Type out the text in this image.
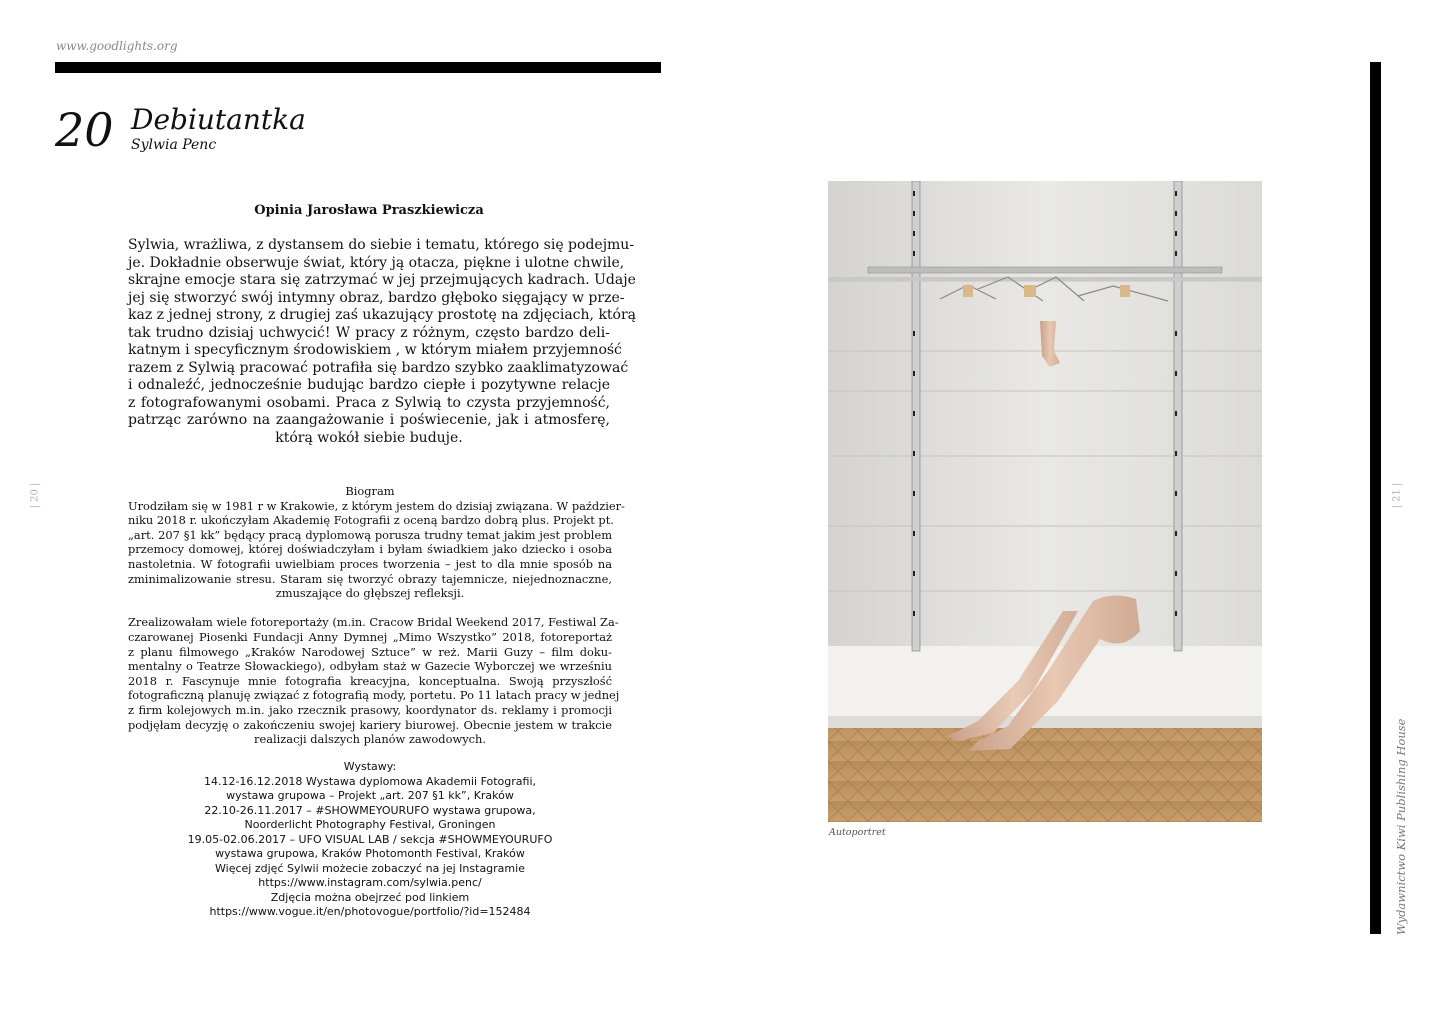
www.goodlights.org
20 Debiutantka
Sylwia Penc
Opinia Jarosława Praszkiewicza

Sylwia, wrażliwa, z dystansem do siebie i tematu, którego się podejmu-

je. Dokładnie obserwuje świat, który ją otacza, piękne i ulotne chwile,

skrajne emocje stara się zatrzymać w jej przejmujących kadrach. Udaje

jej się stworzyć swój intymny obraz, bardzo głęboko sięgający w prze-

kaz z jednej strony, z drugiej zaś ukazujący prostotę na zdjęciach, którą

tak trudno dzisiaj uchwycić! W pracy z różnym, często bardzo deli-

katnym i specyficznym środowiskiem , w którym miałem przyjemność

razem z Sylwią pracować potrafiła się bardzo szybko zaaklimatyzować

i odnaleźć, jednocześnie budując bardzo ciepłe i pozytywne relacje

z fotografowanymi osobami. Praca z Sylwią to czysta przyjemność,

patrząc zarówno na zaangażowanie i poświecenie, jak i atmosferę,

którą wokół siebie buduje.

Biogram

Urodziłam się w 1981 r w Krakowie, z którym jestem do dzisiaj związana. W paździer-

niku 2018 r. ukończyłam Akademię Fotografii z oceną bardzo dobrą plus. Projekt pt.

„art. 207 §1 kk” będący pracą dyplomową porusza trudny temat jakim jest problem

przemocy domowej, której doświadczyłam i byłam świadkiem jako dziecko i osoba

nastoletnia. W fotografii uwielbiam proces tworzenia – jest to dla mnie sposób na

zminimalizowanie stresu. Staram się tworzyć obrazy tajemnicze, niejednoznaczne,

zmuszające do głębszej refleksji.

Zrealizowałam wiele fotoreportaży (m.in. Cracow Bridal Weekend 2017, Festiwal Za-

czarowanej Piosenki Fundacji Anny Dymnej „Mimo Wszystko” 2018, fotoreportaż

z planu filmowego „Kraków Narodowej Sztuce” w reż. Marii Guzy – film doku-

mentalny o Teatrze Słowackiego), odbyłam staż w Gazecie Wyborczej we wrześniu

2018 r. Fascynuje mnie fotografia kreacyjna, konceptualna. Swoją przyszłość

fotograficzną planuję związać z fotografią mody, portetu. Po 11 latach pracy w jednej

z firm kolejowych m.in. jako rzecznik prasowy, koordynator ds. reklamy i promocji

podjęłam decyzję o zakończeniu swojej kariery biurowej. Obecnie jestem w trakcie

realizacji dalszych planów zawodowych.

Wystawy:

14.12-16.12.2018 Wystawa dyplomowa Akademii Fotografii,

wystawa grupowa – Projekt „art. 207 §1 kk”, Kraków

22.10-26.11.2017 – #SHOWMEYOURUFO wystawa grupowa,

Noorderlicht Photography Festival, Groningen

19.05-02.06.2017 – UFO VISUAL LAB / sekcja #SHOWMEYOURUFO

wystawa grupowa, Kraków Photomonth Festival, Kraków

Więcej zdjęć Sylwii możecie zobaczyć na jej Instagramie

https://www.instagram.com/sylwia.penc/

Zdjęcia można obejrzeć pod linkiem

https://www.vogue.it/en/photovogue/portfolio/?id=152484

| 20 |	| 21 |
Wydawnictwo Kiwi Publishing House
Autoportret
